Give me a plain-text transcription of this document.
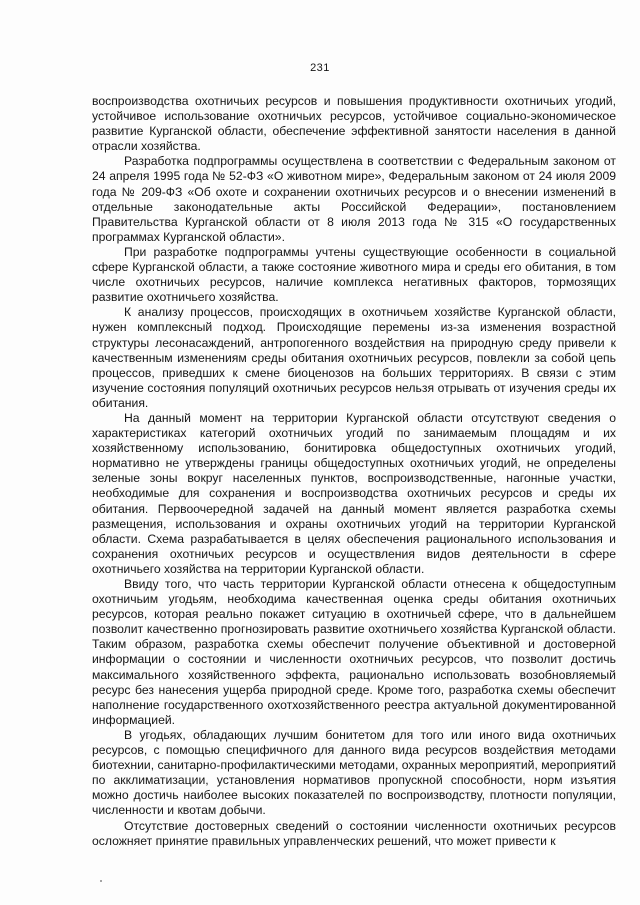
231

воспроизводства охотничьих ресурсов и повышения продуктивности охотничьих угодий, устойчивое использование охотничьих ресурсов, устойчивое социально-экономическое развитие Курганской области, обеспечение эффективной занятости населения в данной отрасли хозяйства.

Разработка подпрограммы осуществлена в соответствии с Федеральным законом от 24 апреля 1995 года № 52-ФЗ «О животном мире», Федеральным законом от 24 июля 2009 года № 209-ФЗ «Об охоте и сохранении охотничьих ресурсов и о внесении изменений в отдельные законодательные акты Российской Федерации», постановлением Правительства Курганской области от 8 июля 2013 года № 315 «О государственных программах Курганской области».

При разработке подпрограммы учтены существующие особенности в социальной сфере Курганской области, а также состояние животного мира и среды его обитания, в том числе охотничьих ресурсов, наличие комплекса негативных факторов, тормозящих развитие охотничьего хозяйства.

К анализу процессов, происходящих в охотничьем хозяйстве Курганской области, нужен комплексный подход. Происходящие перемены из-за изменения возрастной структуры лесонасаждений, антропогенного воздействия на природную среду привели к качественным изменениям среды обитания охотничьих ресурсов, повлекли за собой цепь процессов, приведших к смене биоценозов на больших территориях. В связи с этим изучение состояния популяций охотничьих ресурсов нельзя отрывать от изучения среды их обитания.

На данный момент на территории Курганской области отсутствуют сведения о характеристиках категорий охотничьих угодий по занимаемым площадям и их хозяйственному использованию, бонитировка общедоступных охотничьих угодий, нормативно не утверждены границы общедоступных охотничьих угодий, не определены зеленые зоны вокруг населенных пунктов, воспроизводственные, нагонные участки, необходимые для сохранения и воспроизводства охотничьих ресурсов и среды их обитания. Первоочередной задачей на данный момент является разработка схемы размещения, использования и охраны охотничьих угодий на территории Курганской области. Схема разрабатывается в целях обеспечения рационального использования и сохранения охотничьих ресурсов и осуществления видов деятельности в сфере охотничьего хозяйства на территории Курганской области.

Ввиду того, что часть территории Курганской области отнесена к общедоступным охотничьим угодьям, необходима качественная оценка среды обитания охотничьих ресурсов, которая реально покажет ситуацию в охотничьей сфере, что в дальнейшем позволит качественно прогнозировать развитие охотничьего хозяйства Курганской области. Таким образом, разработка схемы обеспечит получение объективной и достоверной информации о состоянии и численности охотничьих ресурсов, что позволит достичь максимального хозяйственного эффекта, рационально использовать возобновляемый ресурс без нанесения ущерба природной среде. Кроме того, разработка схемы обеспечит наполнение государственного охотхозяйственного реестра актуальной документированной информацией.

В угодьях, обладающих лучшим бонитетом для того или иного вида охотничьих ресурсов, с помощью специфичного для данного вида ресурсов воздействия методами биотехнии, санитарно-профилактическими методами, охранных мероприятий, мероприятий по акклиматизации, установления нормативов пропускной способности, норм изъятия можно достичь наиболее высоких показателей по воспроизводству, плотности популяции, численности и квотам добычи.

Отсутствие достоверных сведений о состоянии численности охотничьих ресурсов осложняет принятие правильных управленческих решений, что может привести к
